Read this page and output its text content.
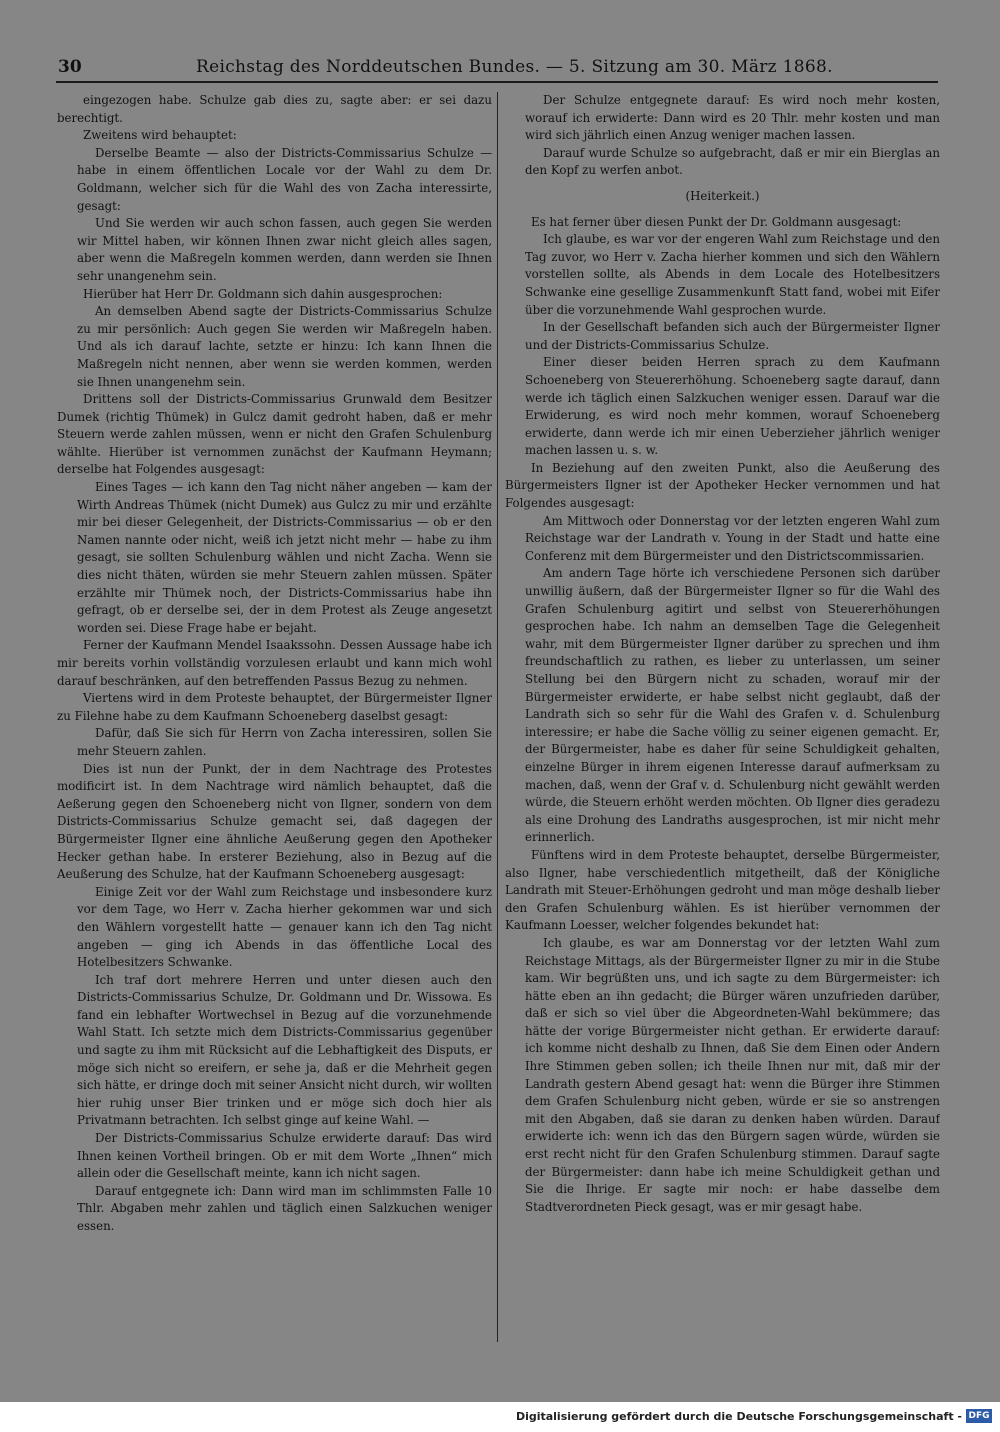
30	Reichstag des Norddeutschen Bundes. — 5. Sitzung am 30. März 1868.

eingezogen habe. Schulze gab dies zu, sagte aber: er sei dazu berechtigt.

Zweitens wird behauptet:

Derselbe Beamte — also der Districts-Commissarius Schulze — habe in einem öffentlichen Locale vor der Wahl zu dem Dr. Goldmann, welcher sich für die Wahl des von Zacha interessirte, gesagt:

Und Sie werden wir auch schon fassen, auch gegen Sie werden wir Mittel haben, wir können Ihnen zwar nicht gleich alles sagen, aber wenn die Maßregeln kommen werden, dann werden sie Ihnen sehr unangenehm sein.

Hierüber hat Herr Dr. Goldmann sich dahin ausgesprochen:

An demselben Abend sagte der Districts-Commissarius Schulze zu mir persönlich: Auch gegen Sie werden wir Maßregeln haben. Und als ich darauf lachte, setzte er hinzu: Ich kann Ihnen die Maßregeln nicht nennen, aber wenn sie werden kommen, werden sie Ihnen unangenehm sein.

Drittens soll der Districts-Commissarius Grunwald dem Besitzer Dumek (richtig Thümek) in Gulcz damit gedroht haben, daß er mehr Steuern werde zahlen müssen, wenn er nicht den Grafen Schulenburg wählte. Hierüber ist vernommen zunächst der Kaufmann Heymann; derselbe hat Folgendes ausgesagt:

Eines Tages — ich kann den Tag nicht näher angeben — kam der Wirth Andreas Thümek (nicht Dumek) aus Gulcz zu mir und erzählte mir bei dieser Gelegenheit, der Districts-Commissarius — ob er den Namen nannte oder nicht, weiß ich jetzt nicht mehr — habe zu ihm gesagt, sie sollten Schulenburg wählen und nicht Zacha. Wenn sie dies nicht thäten, würden sie mehr Steuern zahlen müssen. Später erzählte mir Thümek noch, der Districts-Commissarius habe ihn gefragt, ob er derselbe sei, der in dem Protest als Zeuge angesetzt worden sei. Diese Frage habe er bejaht.

Ferner der Kaufmann Mendel Isaakssohn. Dessen Aussage habe ich mir bereits vorhin vollständig vorzulesen erlaubt und kann mich wohl darauf beschränken, auf den betreffenden Passus Bezug zu nehmen.

Viertens wird in dem Proteste behauptet, der Bürgermeister Ilgner zu Filehne habe zu dem Kaufmann Schoeneberg daselbst gesagt:

Dafür, daß Sie sich für Herrn von Zacha interessiren, sollen Sie mehr Steuern zahlen.

Dies ist nun der Punkt, der in dem Nachtrage des Protestes modificirt ist. In dem Nachtrage wird nämlich behauptet, daß die Aeßerung gegen den Schoeneberg nicht von Ilgner, sondern von dem Districts-Commissarius Schulze gemacht sei, daß dagegen der Bürgermeister Ilgner eine ähnliche Aeußerung gegen den Apotheker Hecker gethan habe. In ersterer Beziehung, also in Bezug auf die Aeußerung des Schulze, hat der Kaufmann Schoeneberg ausgesagt:

Einige Zeit vor der Wahl zum Reichstage und insbesondere kurz vor dem Tage, wo Herr v. Zacha hierher gekommen war und sich den Wählern vorgestellt hatte — genauer kann ich den Tag nicht angeben — ging ich Abends in das öffentliche Local des Hotelbesitzers Schwanke.

Ich traf dort mehrere Herren und unter diesen auch den Districts-Commissarius Schulze, Dr. Goldmann und Dr. Wissowa. Es fand ein lebhafter Wortwechsel in Bezug auf die vorzunehmende Wahl Statt. Ich setzte mich dem Districts-Commissarius gegenüber und sagte zu ihm mit Rücksicht auf die Lebhaftigkeit des Disputs, er möge sich nicht so ereifern, er sehe ja, daß er die Mehrheit gegen sich hätte, er dringe doch mit seiner Ansicht nicht durch, wir wollten hier ruhig unser Bier trinken und er möge sich doch hier als Privatmann betrachten. Ich selbst ginge auf keine Wahl. —

Der Districts-Commissarius Schulze erwiderte darauf: Das wird Ihnen keinen Vortheil bringen. Ob er mit dem Worte „Ihnen“ mich allein oder die Gesellschaft meinte, kann ich nicht sagen.

Darauf entgegnete ich: Dann wird man im schlimmsten Falle 10 Thlr. Abgaben mehr zahlen und täglich einen Salzkuchen weniger essen.

Der Schulze entgegnete darauf: Es wird noch mehr kosten, worauf ich erwiderte: Dann wird es 20 Thlr. mehr kosten und man wird sich jährlich einen Anzug weniger machen lassen.

Darauf wurde Schulze so aufgebracht, daß er mir ein Bierglas an den Kopf zu werfen anbot.

(Heiterkeit.)

Es hat ferner über diesen Punkt der Dr. Goldmann ausgesagt:

Ich glaube, es war vor der engeren Wahl zum Reichstage und den Tag zuvor, wo Herr v. Zacha hierher kommen und sich den Wählern vorstellen sollte, als Abends in dem Locale des Hotelbesitzers Schwanke eine gesellige Zusammenkunft Statt fand, wobei mit Eifer über die vorzunehmende Wahl gesprochen wurde.

In der Gesellschaft befanden sich auch der Bürgermeister Ilgner und der Districts-Commissarius Schulze.

Einer dieser beiden Herren sprach zu dem Kaufmann Schoeneberg von Steuererhöhung. Schoeneberg sagte darauf, dann werde ich täglich einen Salzkuchen weniger essen. Darauf war die Erwiderung, es wird noch mehr kommen, worauf Schoeneberg erwiderte, dann werde ich mir einen Ueberzieher jährlich weniger machen lassen u. s. w.

In Beziehung auf den zweiten Punkt, also die Aeußerung des Bürgermeisters Ilgner ist der Apotheker Hecker vernommen und hat Folgendes ausgesagt:

Am Mittwoch oder Donnerstag vor der letzten engeren Wahl zum Reichstage war der Landrath v. Young in der Stadt und hatte eine Conferenz mit dem Bürgermeister und den Districtscommissarien.

Am andern Tage hörte ich verschiedene Personen sich darüber unwillig äußern, daß der Bürgermeister Ilgner so für die Wahl des Grafen Schulenburg agitirt und selbst von Steuererhöhungen gesprochen habe. Ich nahm an demselben Tage die Gelegenheit wahr, mit dem Bürgermeister Ilgner darüber zu sprechen und ihm freundschaftlich zu rathen, es lieber zu unterlassen, um seiner Stellung bei den Bürgern nicht zu schaden, worauf mir der Bürgermeister erwiderte, er habe selbst nicht geglaubt, daß der Landrath sich so sehr für die Wahl des Grafen v. d. Schulenburg interessire; er habe die Sache völlig zu seiner eigenen gemacht. Er, der Bürgermeister, habe es daher für seine Schuldigkeit gehalten, einzelne Bürger in ihrem eigenen Interesse darauf aufmerksam zu machen, daß, wenn der Graf v. d. Schulenburg nicht gewählt werden würde, die Steuern erhöht werden möchten. Ob Ilgner dies geradezu als eine Drohung des Landraths ausgesprochen, ist mir nicht mehr erinnerlich.

Fünftens wird in dem Proteste behauptet, derselbe Bürgermeister, also Ilgner, habe verschiedentlich mitgetheilt, daß der Königliche Landrath mit Steuer-Erhöhungen gedroht und man möge deshalb lieber den Grafen Schulenburg wählen. Es ist hierüber vernommen der Kaufmann Loesser, welcher folgendes bekundet hat:

Ich glaube, es war am Donnerstag vor der letzten Wahl zum Reichstage Mittags, als der Bürgermeister Ilgner zu mir in die Stube kam. Wir begrüßten uns, und ich sagte zu dem Bürgermeister: ich hätte eben an ihn gedacht; die Bürger wären unzufrieden darüber, daß er sich so viel über die Abgeordneten-Wahl bekümmere; das hätte der vorige Bürgermeister nicht gethan. Er erwiderte darauf: ich komme nicht deshalb zu Ihnen, daß Sie dem Einen oder Andern Ihre Stimmen geben sollen; ich theile Ihnen nur mit, daß mir der Landrath gestern Abend gesagt hat: wenn die Bürger ihre Stimmen dem Grafen Schulenburg nicht geben, würde er sie so anstrengen mit den Abgaben, daß sie daran zu denken haben würden. Darauf erwiderte ich: wenn ich das den Bürgern sagen würde, würden sie erst recht nicht für den Grafen Schulenburg stimmen. Darauf sagte der Bürgermeister: dann habe ich meine Schuldigkeit gethan und Sie die Ihrige. Er sagte mir noch: er habe dasselbe dem Stadtverordneten Pieck gesagt, was er mir gesagt habe.

Digitalisierung gefördert durch die Deutsche Forschungsgemeinschaft - DFG
